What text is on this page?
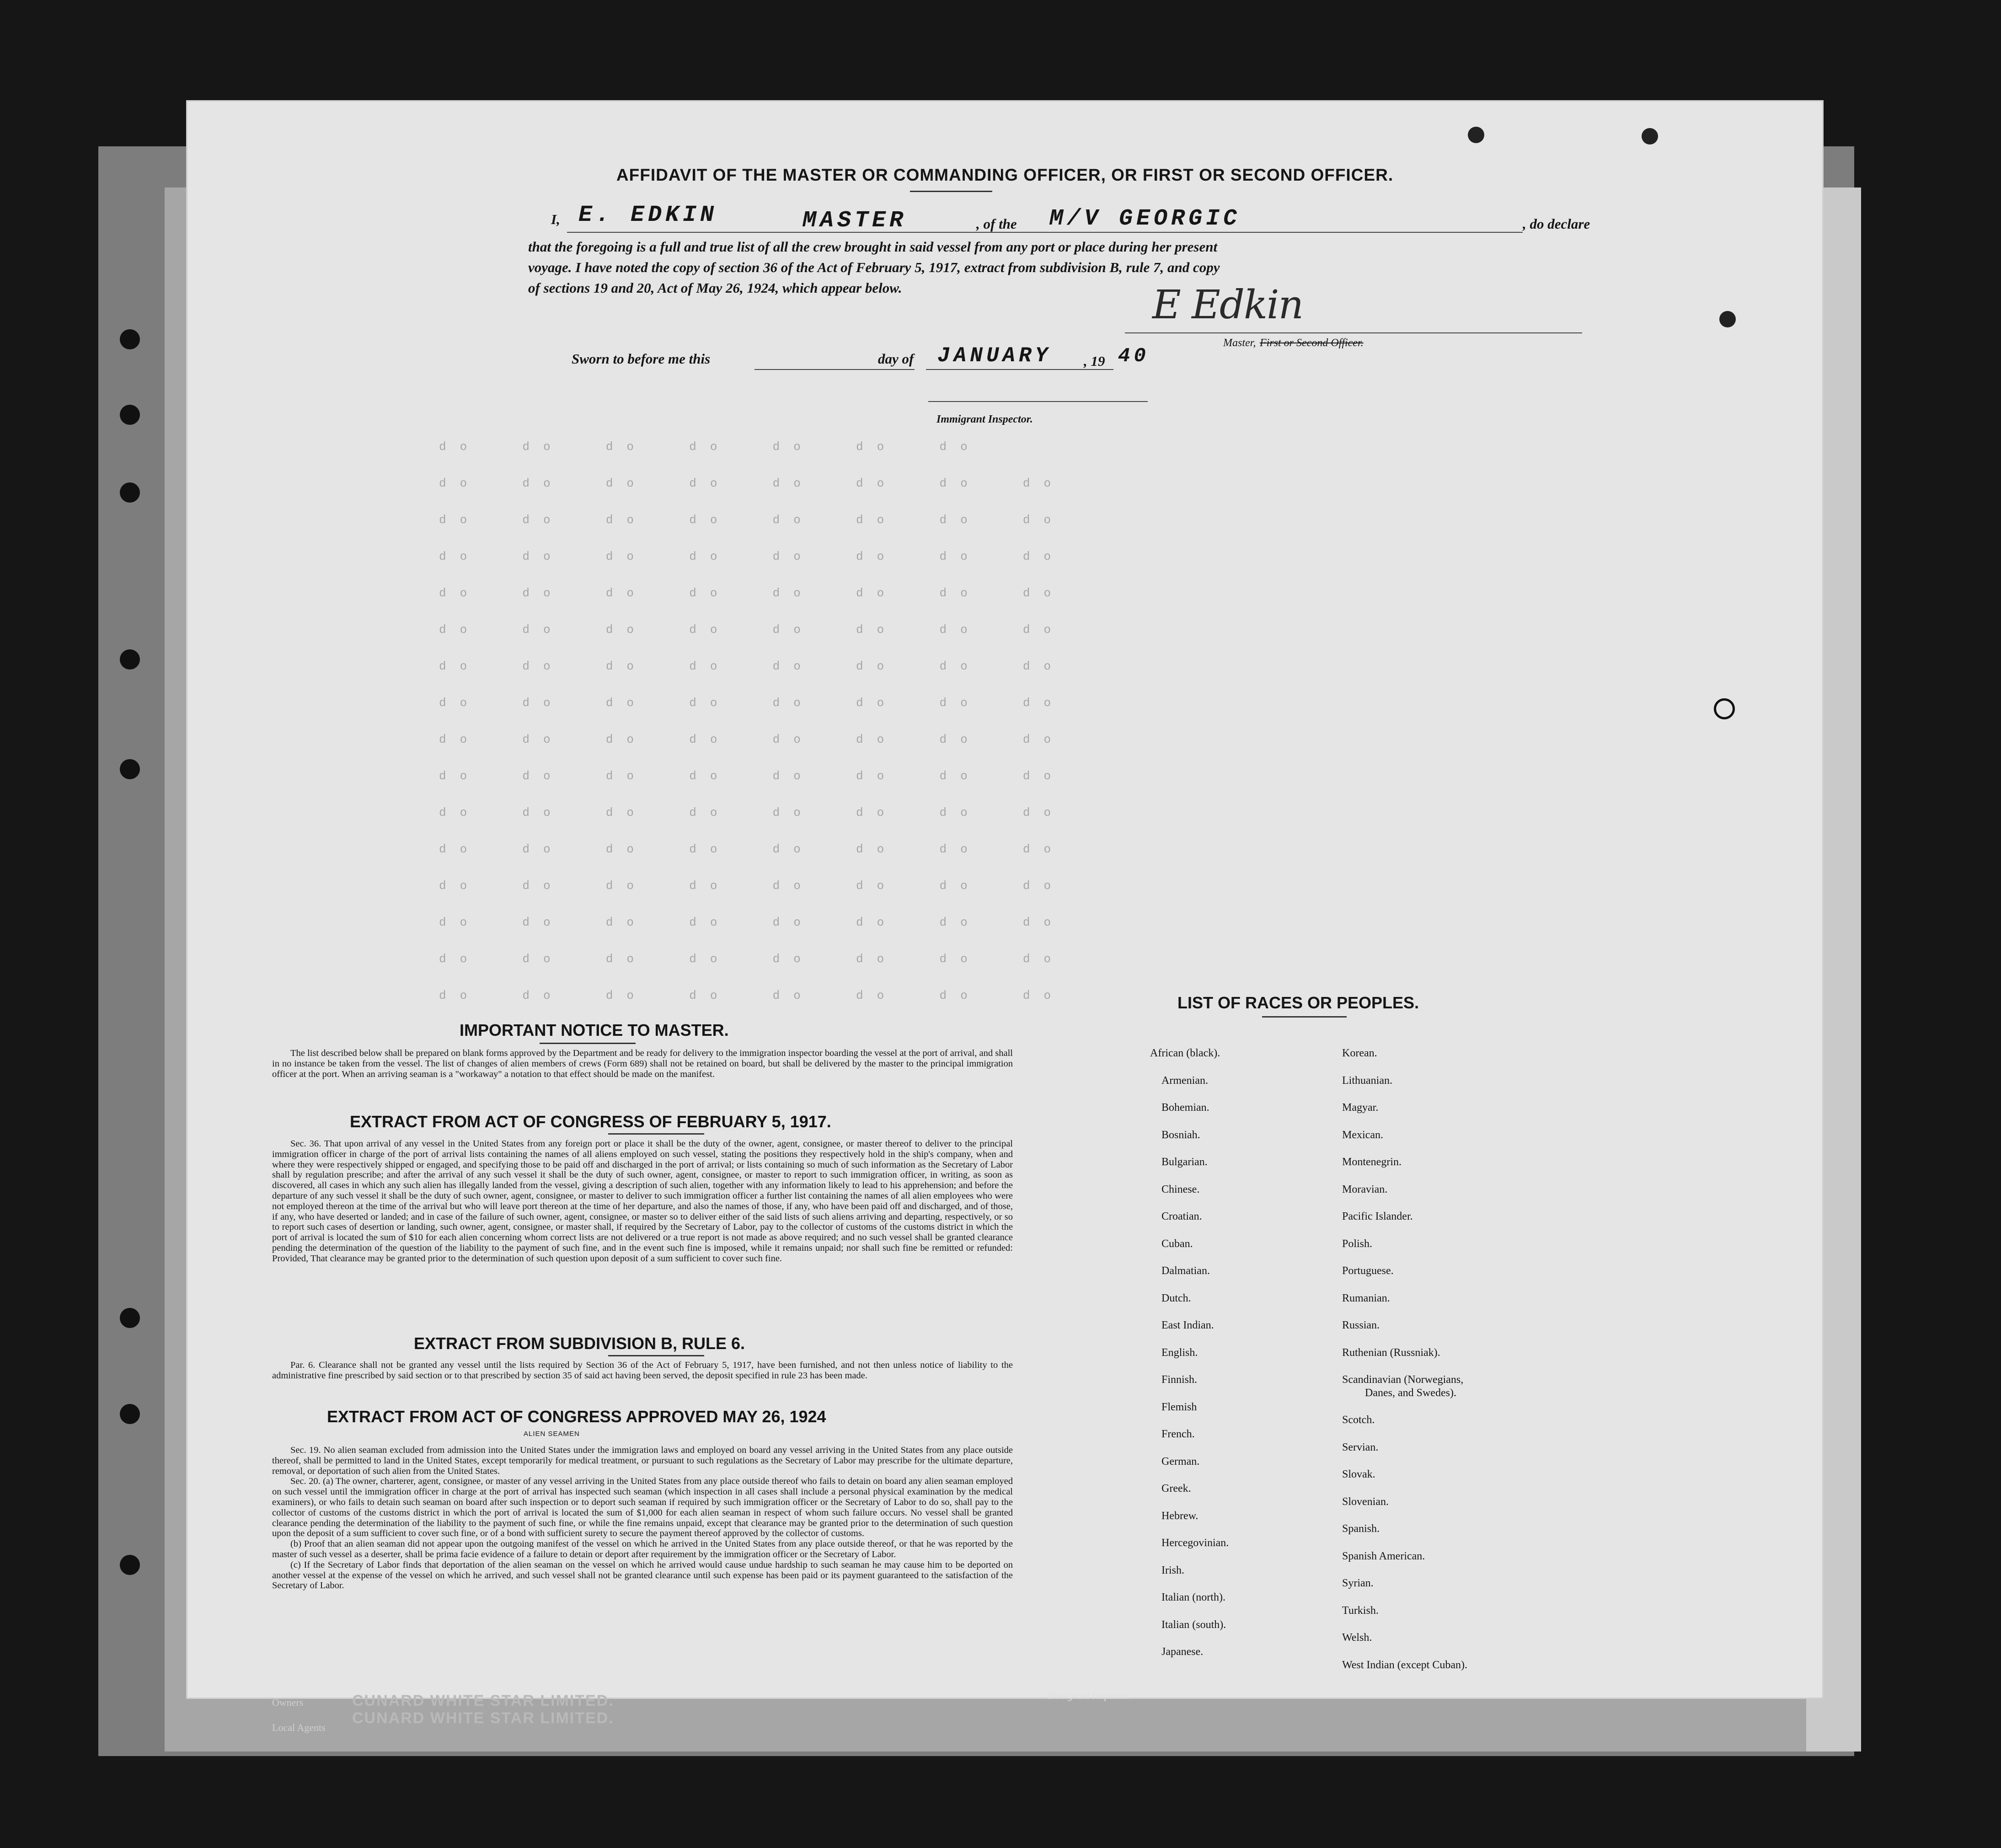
AFFIDAVIT OF THE MASTER OR COMMANDING OFFICER, OR FIRST OR SECOND OFFICER.
I, E. EDKIN	MASTER	, of the M/V GEORGIC	, do declare
that the foregoing is a full and true list of all the crew brought in said vessel from any port or place during her present
voyage. I have noted the copy of section 36 of the Act of February 5, 1917, extract from subdivision B, rule 7, and copy
of sections 19 and 20, Act of May 26, 1924, which appear below.	E Edkin
Master, First or Second Officer.
Sworn to before me this	day of JANUARY , 19 40
Immigrant Inspector.
do  do  do  do  do  do  do
do  do  do  do  do  do  do  do
do  do  do  do  do  do  do  do
do  do  do  do  do  do  do  do
do  do  do  do  do  do  do  do
do  do  do  do  do  do  do  do
do  do  do  do  do  do  do  do
do  do  do  do  do  do  do  do
do  do  do  do  do  do  do  do
do  do  do  do  do  do  do  do
do  do  do  do  do  do  do  do
do  do  do  do  do  do  do  do
do  do  do  do  do  do  do  do
do  do  do  do  do  do  do  do
do  do  do  do  do  do  do  do
do  do  do  do  do  do  do  do
IMPORTANT NOTICE TO MASTER.

The list described below shall be prepared on blank forms approved by the Department and be ready for delivery to the immigration inspector boarding the vessel at the port of arrival, and shall in no instance be taken from the vessel. The list of changes of alien members of crews (Form 689) shall not be retained on board, but shall be delivered by the master to the principal immigration officer at the port. When an arriving seaman is a "workaway" a notation to that effect should be made on the manifest.

EXTRACT FROM ACT OF CONGRESS OF FEBRUARY 5, 1917.

Sec. 36. That upon arrival of any vessel in the United States from any foreign port or place it shall be the duty of the owner, agent, consignee, or master thereof to deliver to the principal immigration officer in charge of the port of arrival lists containing the names of all aliens employed on such vessel, stating the positions they respectively hold in the ship's company, when and where they were respectively shipped or engaged, and specifying those to be paid off and discharged in the port of arrival; or lists containing so much of such information as the Secretary of Labor shall by regulation prescribe; and after the arrival of any such vessel it shall be the duty of such owner, agent, consignee, or master to report to such immigration officer, in writing, as soon as discovered, all cases in which any such alien has illegally landed from the vessel, giving a description of such alien, together with any information likely to lead to his apprehension; and before the departure of any such vessel it shall be the duty of such owner, agent, consignee, or master to deliver to such immigration officer a further list containing the names of all alien employees who were not employed thereon at the time of the arrival but who will leave port thereon at the time of her departure, and also the names of those, if any, who have been paid off and discharged, and of those, if any, who have deserted or landed; and in case of the failure of such owner, agent, consignee, or master so to deliver either of the said lists of such aliens arriving and departing, respectively, or so to report such cases of desertion or landing, such owner, agent, consignee, or master shall, if required by the Secretary of Labor, pay to the collector of customs of the customs district in which the port of arrival is located the sum of $10 for each alien concerning whom correct lists are not delivered or a true report is not made as above required; and no such vessel shall be granted clearance pending the determination of the question of the liability to the payment of such fine, and in the event such fine is imposed, while it remains unpaid; nor shall such fine be remitted or refunded: Provided, That clearance may be granted prior to the determination of such question upon deposit of a sum sufficient to cover such fine.

EXTRACT FROM SUBDIVISION B, RULE 6.

Par. 6. Clearance shall not be granted any vessel until the lists required by Section 36 of the Act of February 5, 1917, have been furnished, and not then unless notice of liability to the administrative fine prescribed by said section or to that prescribed by section 35 of said act having been served, the deposit specified in rule 23 has been made.

EXTRACT FROM ACT OF CONGRESS APPROVED MAY 26, 1924
ALIEN SEAMEN

Sec. 19. No alien seaman excluded from admission into the United States under the immigration laws and employed on board any vessel arriving in the United States from any place outside thereof, shall be permitted to land in the United States, except temporarily for medical treatment, or pursuant to such regulations as the Secretary of Labor may prescribe for the ultimate departure, removal, or deportation of such alien from the United States.

Sec. 20. (a) The owner, charterer, agent, consignee, or master of any vessel arriving in the United States from any place outside thereof who fails to detain on board any alien seaman employed on such vessel until the immigration officer in charge at the port of arrival has inspected such seaman (which inspection in all cases shall include a personal physical examination by the medical examiners), or who fails to detain such seaman on board after such inspection or to deport such seaman if required by such immigration officer or the Secretary of Labor to do so, shall pay to the collector of customs of the customs district in which the port of arrival is located the sum of $1,000 for each alien seaman in respect of whom such failure occurs. No vessel shall be granted clearance pending the determination of the liability to the payment of such fine, or while the fine remains unpaid, except that clearance may be granted prior to the determination of such question upon the deposit of a sum sufficient to cover such fine, or of a bond with sufficient surety to secure the payment thereof approved by the collector of customs.

(b) Proof that an alien seaman did not appear upon the outgoing manifest of the vessel on which he arrived in the United States from any place outside thereof, or that he was reported by the master of such vessel as a deserter, shall be prima facie evidence of a failure to detain or deport after requirement by the immigration officer or the Secretary of Labor.

(c) If the Secretary of Labor finds that deportation of the alien seaman on the vessel on which he arrived would cause undue hardship to such seaman he may cause him to be deported on another vessel at the expense of the vessel on which he arrived, and such vessel shall not be granted clearance until such expense has been paid or its payment guaranteed to the satisfaction of the Secretary of Labor.

LIST OF RACES OR PEOPLES.
African (black).
Armenian.
Bohemian.
Bosniah.
Bulgarian.
Chinese.
Croatian.
Cuban.
Dalmatian.
Dutch.
East Indian.
English.
Finnish.
Flemish
French.
German.
Greek.
Hebrew.
Hercegovinian.
Irish.
Italian (north).
Italian (south).
Japanese.
Korean.
Lithuanian.
Magyar.
Mexican.
Montenegrin.
Moravian.
Pacific Islander.
Polish.
Portuguese.
Rumanian.
Russian.
Ruthenian (Russniak).
Scandinavian (Norwegians,
Danes, and Swedes).
Scotch.
Servian.
Slovak.
Slovenian.
Spanish.
Spanish American.
Syrian.
Turkish.
Welsh.
West Indian (except Cuban).
Owners
Local Agents
CUNARD WHITE STAR LIMITED.
CUNARD WHITE STAR LIMITED.
Immigrant Inspector.
